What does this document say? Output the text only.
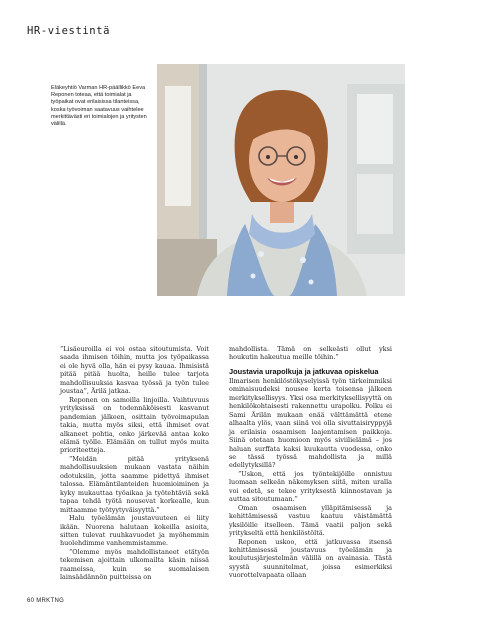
HR-viestintä

Eläkeyhtiö Varman HR-päällikkö Eeva Reponen toteaa, että toimialat ja työpaikat ovat erilaisissa tilanteissa, koska työvoiman saatavuus vaihtelee merkittävästi eri toimialojen ja yritysten välillä.

”Lisäeuroilla ei voi ostaa sitoutumista. Voit saada ihmisen töihin, mutta jos työpaikassa ei ole hyvä olla, hän ei pysy kauaa. Ihmisistä pitää pitää huolta, heille tulee tarjota mahdollisuuksia kasvaa työssä ja työn tulee joustaa”, Ärilä jatkaa.

Reponen on samoilla linjoilla. Vaihtuvuus yrityksissä on todennäköisesti kasvanut pandemian jälkeen, osittain työvoimapulan takia, mutta myös siksi, että ihmiset ovat alkaneet pohtia, onko järkevää antaa koko elämä työlle. Elämään on tullut myös muita prioriteetteja.

”Meidän pitää yrityksenä mahdollisuuksien mukaan vastata näihin odotuksiin, jotta saamme pidettyä ihmiset talossa. Elämäntilanteiden huomioiminen ja kyky mukauttaa työaikaa ja työtehtäviä sekä tapaa tehdä työtä nousevat korkealle, kun mittaamme työtyytyväisyyttä.”

Halu työelämän joustavuuteen ei liity ikään. Nuorena halutaan kokeilla asioita, sitten tulevat ruuhkavuodet ja myöhemmin huolehdimme vanhemmistamme.

”Olemme myös mahdollistaneet etätyön tekemisen ajoittain ulkomailta käsin niissä raameissa, kuin se suomalaisen lainsäädännön puitteissa on

mahdollista. Tämä on selkeästi ollut yksi houkutin hakeutua meille töihin.”

Joustavia urapolkuja ja jatkuvaa opiskelua

Ilmarisen henkilöstökyselyissä työn tärkeimmiksi ominaisuudeksi nousee kerta toisensa jälkeen merkityksellisyys. Yksi osa merkityksellisyyttä on henkilökohtaisesti rakennettu urapolku. Polku ei Sami Ärilän mukaan enää välttämättä etene alhaalta ylös, vaan siinä voi olla sivuttaisiryppyjä ja erilaisia osaamisen laajentamisen paikkoja. Siinä otetaan huomioon myös siviilielämä – jos haluan surffata kaksi kuukautta vuodessa, onko se tässä työssä mahdollista ja millä edellytyksillä?

”Uskon, että jos työntekijöille onnistuu luomaan selkeän näkemyksen siitä, miten uralla voi edetä, se tekee yrityksestä kiinnostavan ja auttaa sitoutumaan.”

Oman osaamisen ylläpitämisessä ja kehittämisessä vastuu kaatuu väistämättä yksilöille itselleen. Tämä vaatii paljon sekä yritykseltä että henkilöstöltä.

Reponen uskoo, että jatkuvassa itsensä kehittämisessä joustavuus työelämän ja koulutusjärjestelmän välillä on avainasia. Tästä syystä suunnitelmat, joissa esimerkiksi vuorottelvapaata ollaan

60 MRKTNG
